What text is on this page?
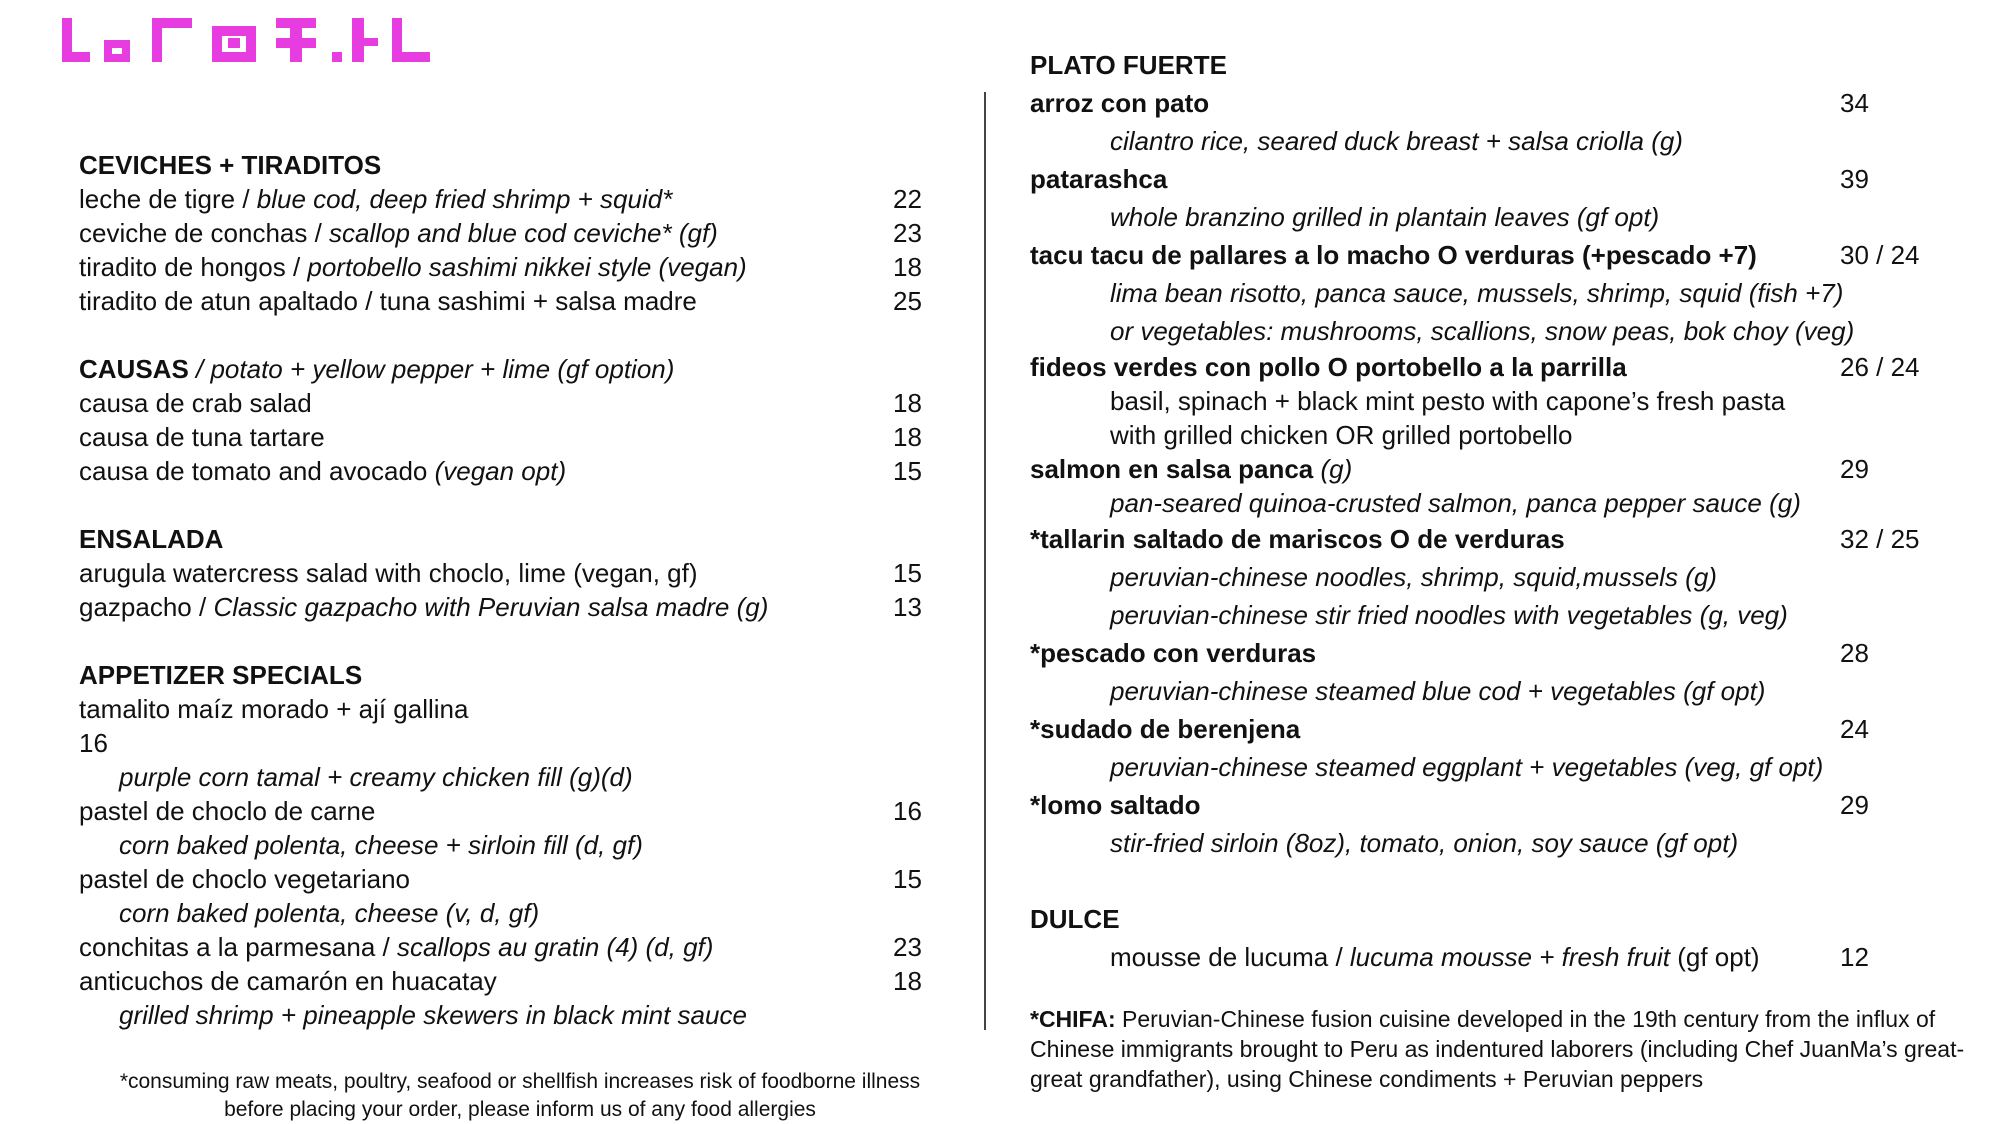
CEVICHES + TIRADITOS
leche de tigre / blue cod, deep fried shrimp + squid*	22
ceviche de conchas / scallop and blue cod ceviche* (gf)	23
tiradito de hongos / portobello sashimi nikkei style (vegan)	18
tiradito de atun apaltado / tuna sashimi + salsa madre	25
CAUSAS / potato + yellow pepper + lime (gf option)
causa de crab salad	18
causa de tuna tartare	18
causa de tomato and avocado (vegan opt)	15
ENSALADA
arugula watercress salad with choclo, lime (vegan, gf)	15
gazpacho / Classic gazpacho with Peruvian salsa madre (g)	13
APPETIZER SPECIALS
tamalito maíz morado + ají gallina
16
purple corn tamal + creamy chicken fill (g)(d)
pastel de choclo de carne	16
corn baked polenta, cheese + sirloin fill (d, gf)
pastel de choclo vegetariano	15
corn baked polenta, cheese (v, d, gf)
conchitas a la parmesana / scallops au gratin (4) (d, gf)	23
anticuchos de camarón en huacatay	18
grilled shrimp + pineapple skewers in black mint sauce
*consuming raw meats, poultry, seafood or shellfish increases risk of foodborne illness
before placing your order, please inform us of any food allergies
PLATO FUERTE
arroz con pato	34
cilantro rice, seared duck breast + salsa criolla (g)
patarashca	39
whole branzino grilled in plantain leaves (gf opt)
tacu tacu de pallares a lo macho O verduras (+pescado +7)	30 / 24
lima bean risotto, panca sauce, mussels, shrimp, squid (fish +7)
or vegetables: mushrooms, scallions, snow peas, bok choy (veg)
fideos verdes con pollo O portobello a la parrilla	26 / 24
basil, spinach + black mint pesto with capone’s fresh pasta
with grilled chicken OR grilled portobello
salmon en salsa panca (g)	29
pan-seared quinoa-crusted salmon, panca pepper sauce (g)
*tallarin saltado de mariscos O de verduras	32 / 25
peruvian-chinese noodles, shrimp, squid,mussels (g)
peruvian-chinese stir fried noodles with vegetables (g, veg)
*pescado con verduras	28
peruvian-chinese steamed blue cod + vegetables (gf opt)
*sudado de berenjena	24
peruvian-chinese steamed eggplant + vegetables (veg, gf opt)
*lomo saltado	29
stir-fried sirloin (8oz), tomato, onion, soy sauce (gf opt)
DULCE
mousse de lucuma / lucuma mousse + fresh fruit (gf opt)	12
*CHIFA: Peruvian-Chinese fusion cuisine developed in the 19th century from the influx of Chinese immigrants brought to Peru as indentured laborers (including Chef JuanMa’s great-great grandfather), using Chinese condiments + Peruvian peppers
